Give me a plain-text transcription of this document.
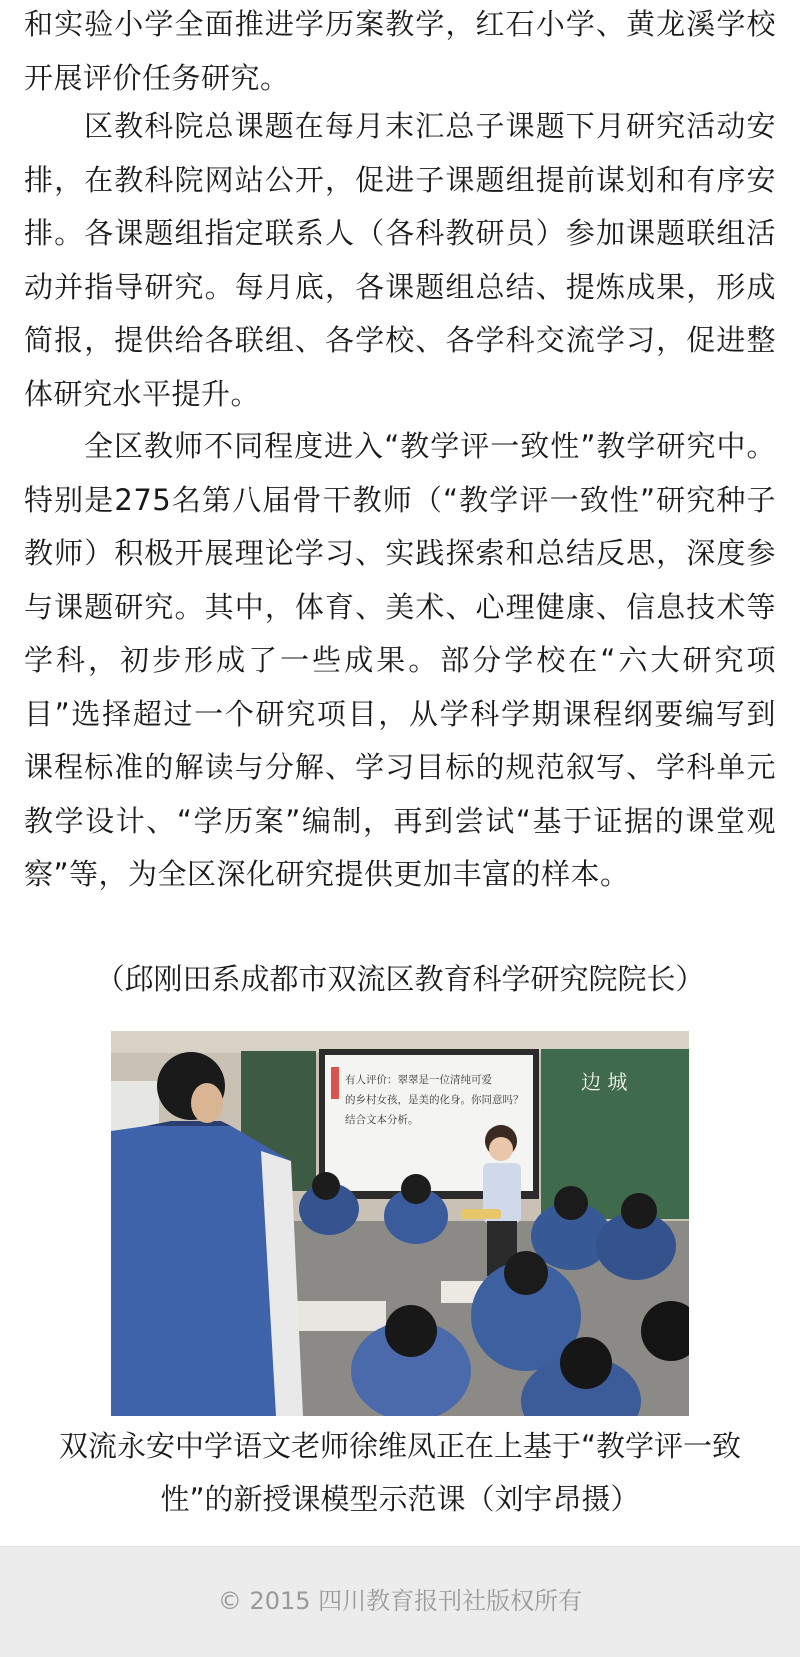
和实验小学全面推进学历案教学，红石小学、黄龙溪学校开展评价任务研究。

区教科院总课题在每月末汇总子课题下月研究活动安排，在教科院网站公开，促进子课题组提前谋划和有序安排。各课题组指定联系人（各科教研员）参加课题联组活动并指导研究。每月底，各课题组总结、提炼成果，形成简报，提供给各联组、各学校、各学科交流学习，促进整体研究水平提升。

全区教师不同程度进入“教学评一致性”教学研究中。特别是275名第八届骨干教师（“教学评一致性”研究种子教师）积极开展理论学习、实践探索和总结反思，深度参与课题研究。其中，体育、美术、心理健康、信息技术等学科，初步形成了一些成果。部分学校在“六大研究项目”选择超过一个研究项目，从学科学期课程纲要编写到课程标准的解读与分解、学习目标的规范叙写、学科单元教学设计、“学历案”编制，再到尝试“基于证据的课堂观察”等，为全区深化研究提供更加丰富的样本。

（邱刚田系成都市双流区教育科学研究院院长）
有人评价：翠翠是一位清纯可爱
的乡村女孩，是美的化身。你同意吗？
结合文本分析。
边 城

双流永安中学语文老师徐维凤正在上基于“教学评一致性”的新授课模型示范课（刘宇昂摄）

© 2015 四川教育报刊社版权所有
